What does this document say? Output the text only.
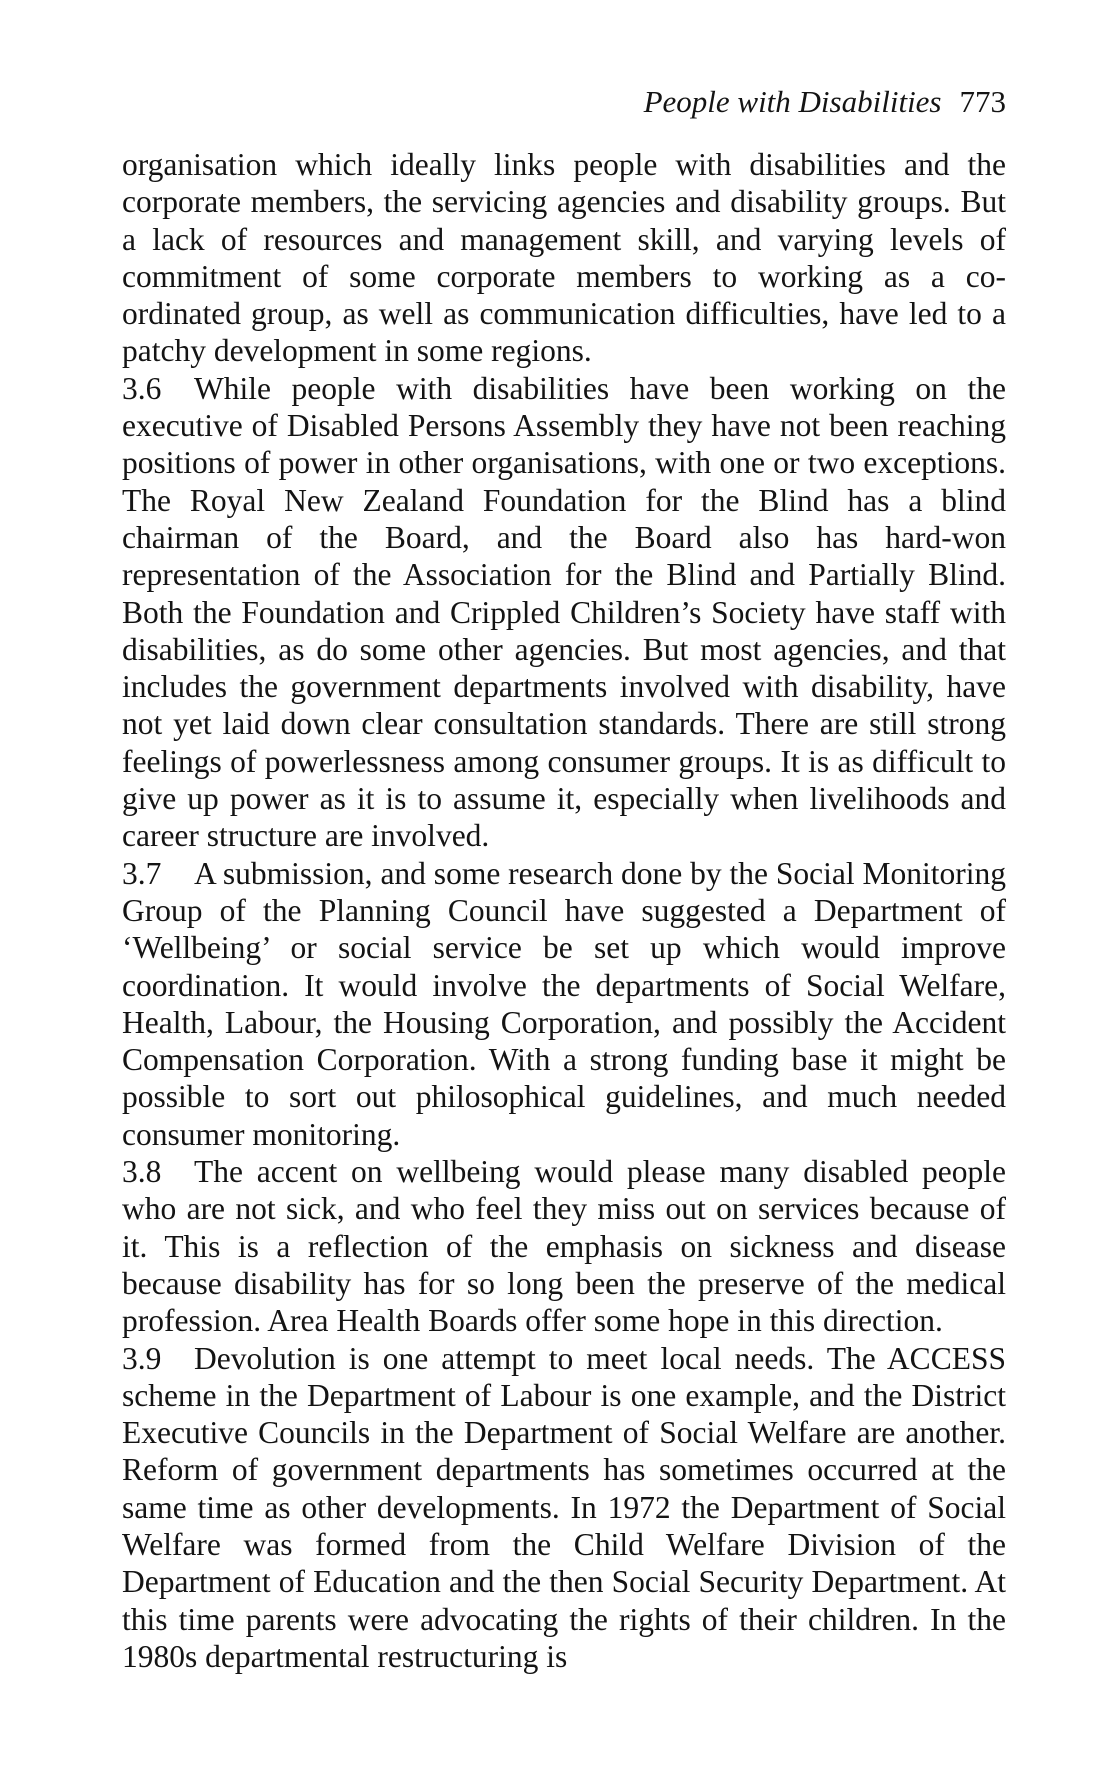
People with Disabilities 773

organisation which ideally links people with disabilities and the corporate members, the servicing agencies and disability groups. But a lack of resources and management skill, and varying levels of commitment of some corporate members to working as a co-ordinated group, as well as communication difficulties, have led to a patchy development in some regions.

3.6 While people with disabilities have been working on the executive of Disabled Persons Assembly they have not been reaching positions of power in other organisations, with one or two exceptions. The Royal New Zealand Foundation for the Blind has a blind chairman of the Board, and the Board also has hard-won representation of the Association for the Blind and Partially Blind. Both the Foundation and Crippled Children’s Society have staff with disabilities, as do some other agencies. But most agencies, and that includes the government departments involved with disability, have not yet laid down clear consultation standards. There are still strong feelings of powerlessness among consumer groups. It is as difficult to give up power as it is to assume it, especially when livelihoods and career structure are involved.

3.7 A submission, and some research done by the Social Monitoring Group of the Planning Council have suggested a Department of ‘Wellbeing’ or social service be set up which would improve coordination. It would involve the departments of Social Welfare, Health, Labour, the Housing Corporation, and possibly the Accident Compensation Corporation. With a strong funding base it might be possible to sort out philosophical guidelines, and much needed consumer monitoring.

3.8 The accent on wellbeing would please many disabled people who are not sick, and who feel they miss out on services because of it. This is a reflection of the emphasis on sickness and disease because disability has for so long been the preserve of the medical profession. Area Health Boards offer some hope in this direction.

3.9 Devolution is one attempt to meet local needs. The ACCESS scheme in the Department of Labour is one example, and the District Executive Councils in the Department of Social Welfare are another. Reform of government departments has sometimes occurred at the same time as other developments. In 1972 the Department of Social Welfare was formed from the Child Welfare Division of the Department of Education and the then Social Security Department. At this time parents were advocating the rights of their children. In the 1980s departmental restructuring is
